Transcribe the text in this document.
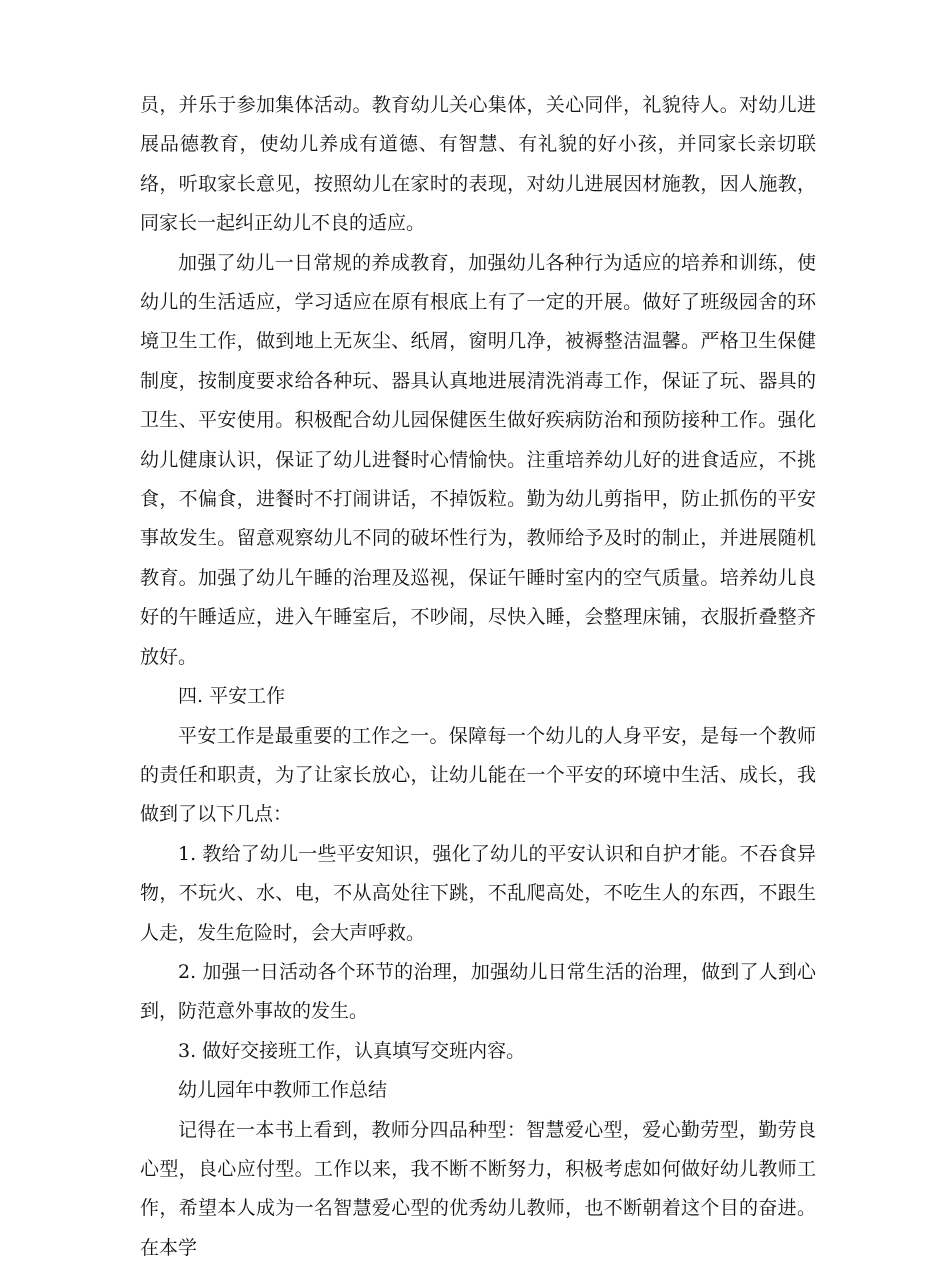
员，并乐于参加集体活动。教育幼儿关心集体，关心同伴，礼貌待人。对幼儿进展品德教育，使幼儿养成有道德、有智慧、有礼貌的好小孩，并同家长亲切联络，听取家长意见，按照幼儿在家时的表现，对幼儿进展因材施教，因人施教，同家长一起纠正幼儿不良的适应。

加强了幼儿一日常规的养成教育，加强幼儿各种行为适应的培养和训练，使幼儿的生活适应，学习适应在原有根底上有了一定的开展。做好了班级园舍的环境卫生工作，做到地上无灰尘、纸屑，窗明几净，被褥整洁温馨。严格卫生保健制度，按制度要求给各种玩、器具认真地进展清洗消毒工作，保证了玩、器具的卫生、平安使用。积极配合幼儿园保健医生做好疾病防治和预防接种工作。强化幼儿健康认识，保证了幼儿进餐时心情愉快。注重培养幼儿好的进食适应，不挑食，不偏食，进餐时不打闹讲话，不掉饭粒。勤为幼儿剪指甲，防止抓伤的平安事故发生。留意观察幼儿不同的破坏性行为，教师给予及时的制止，并进展随机教育。加强了幼儿午睡的治理及巡视，保证午睡时室内的空气质量。培养幼儿良好的午睡适应，进入午睡室后，不吵闹，尽快入睡，会整理床铺，衣服折叠整齐放好。

四. 平安工作

平安工作是最重要的工作之一。保障每一个幼儿的人身平安，是每一个教师的责任和职责，为了让家长放心，让幼儿能在一个平安的环境中生活、成长，我做到了以下几点：

1. 教给了幼儿一些平安知识，强化了幼儿的平安认识和自护才能。不吞食异物，不玩火、水、电，不从高处往下跳，不乱爬高处，不吃生人的东西，不跟生人走，发生危险时，会大声呼救。

2. 加强一日活动各个环节的治理，加强幼儿日常生活的治理，做到了人到心到，防范意外事故的发生。

3. 做好交接班工作，认真填写交班内容。

幼儿园年中教师工作总结

记得在一本书上看到，教师分四品种型：智慧爱心型，爱心勤劳型，勤劳良心型，良心应付型。工作以来，我不断不断努力，积极考虑如何做好幼儿教师工作，希望本人成为一名智慧爱心型的优秀幼儿教师，也不断朝着这个目的奋进。在本学
